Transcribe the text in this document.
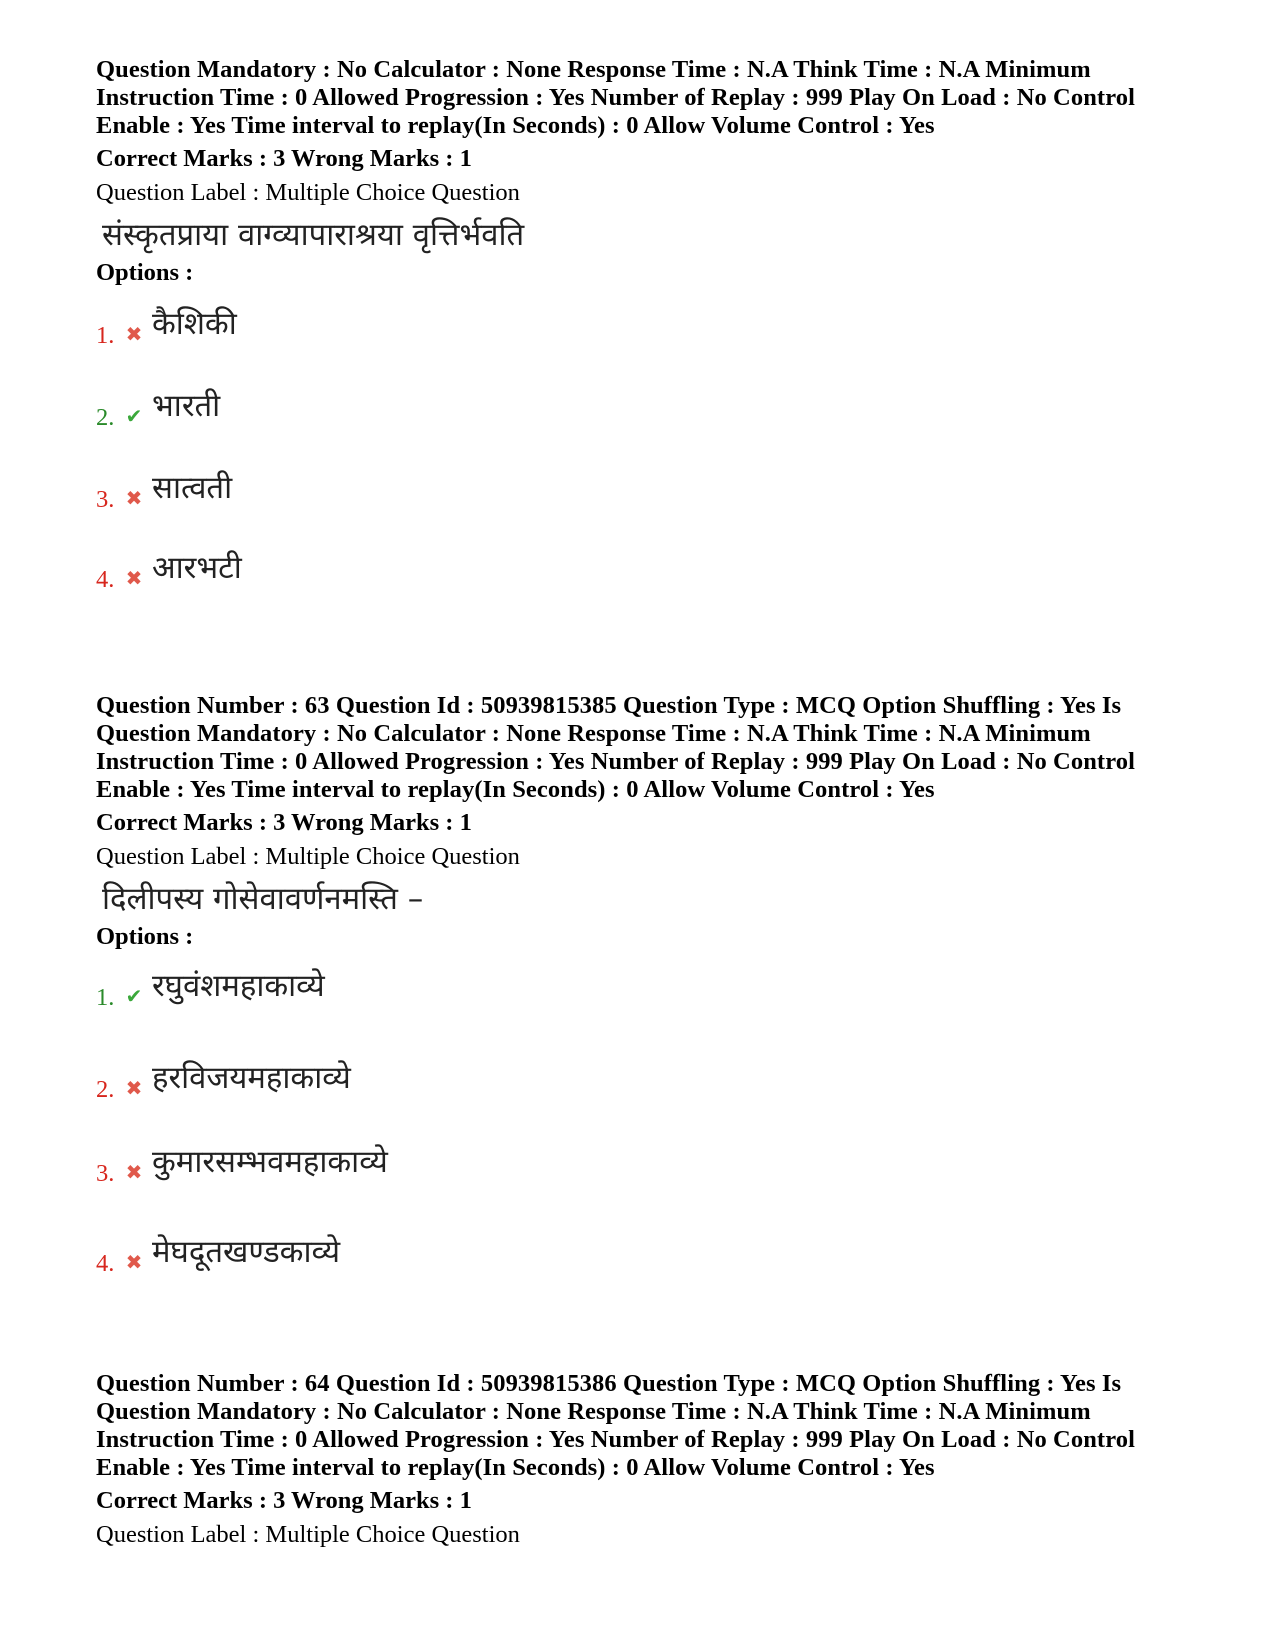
Question Mandatory : No Calculator : None Response Time : N.A Think Time : N.A Minimum

Instruction Time : 0 Allowed Progression : Yes Number of Replay : 999 Play On Load : No Control

Enable : Yes Time interval to replay(In Seconds) : 0 Allow Volume Control : Yes

Correct Marks : 3 Wrong Marks : 1
Question Label : Multiple Choice Question
संस्कृतप्राया वाग्व्यापाराश्रया वृत्तिर्भवति
Options :
1. ✖ कैशिकी
2. ✔ भारती
3. ✖ सात्वती
4. ✖ आरभटी

Question Number : 63 Question Id : 50939815385 Question Type : MCQ Option Shuffling : Yes Is

Question Mandatory : No Calculator : None Response Time : N.A Think Time : N.A Minimum

Instruction Time : 0 Allowed Progression : Yes Number of Replay : 999 Play On Load : No Control

Enable : Yes Time interval to replay(In Seconds) : 0 Allow Volume Control : Yes

Correct Marks : 3 Wrong Marks : 1
Question Label : Multiple Choice Question
दिलीपस्य गोसेवावर्णनमस्ति –
Options :
1. ✔ रघुवंशमहाकाव्ये
2. ✖ हरविजयमहाकाव्ये
3. ✖ कुमारसम्भवमहाकाव्ये
4. ✖ मेघदूतखण्डकाव्ये

Question Number : 64 Question Id : 50939815386 Question Type : MCQ Option Shuffling : Yes Is

Question Mandatory : No Calculator : None Response Time : N.A Think Time : N.A Minimum

Instruction Time : 0 Allowed Progression : Yes Number of Replay : 999 Play On Load : No Control

Enable : Yes Time interval to replay(In Seconds) : 0 Allow Volume Control : Yes

Correct Marks : 3 Wrong Marks : 1
Question Label : Multiple Choice Question
